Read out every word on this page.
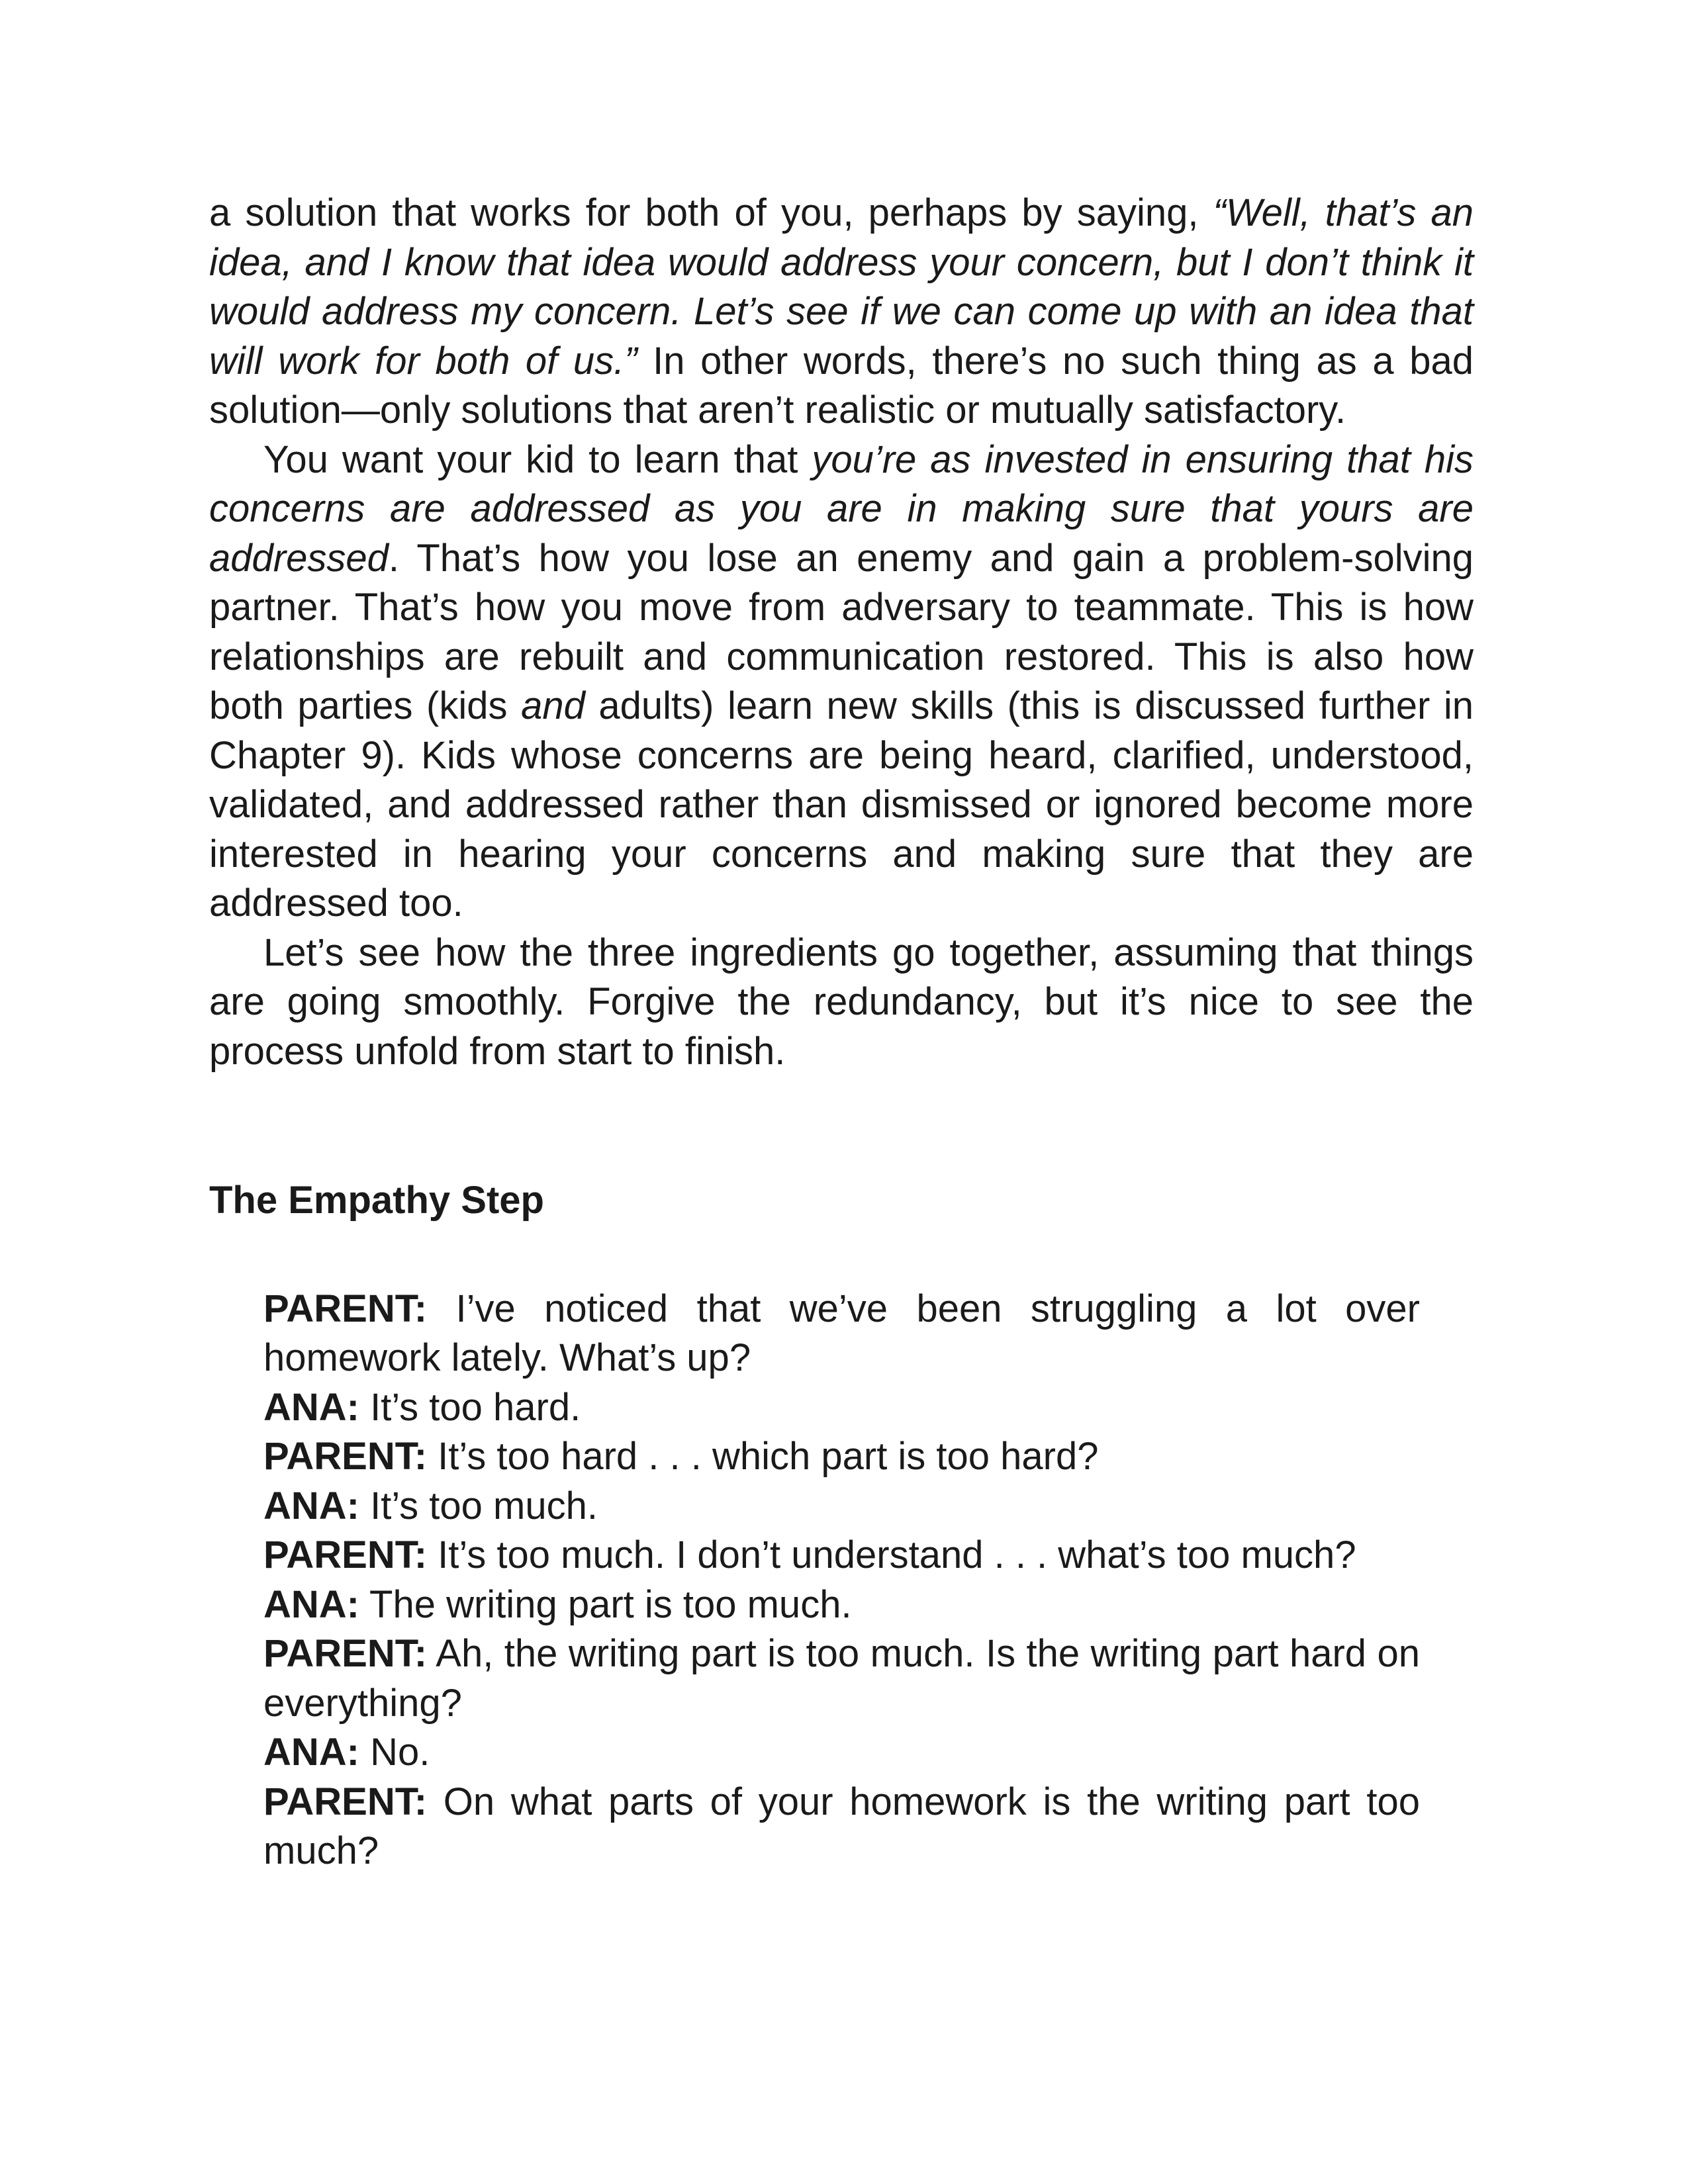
a solution that works for both of you, perhaps by saying, “Well, that’s an idea, and I know that idea would address your concern, but I don’t think it would address my concern. Let’s see if we can come up with an idea that will work for both of us.” In other words, there’s no such thing as a bad solution—only solutions that aren’t realistic or mutually satisfactory.

You want your kid to learn that you’re as invested in ensuring that his concerns are addressed as you are in making sure that yours are addressed. That’s how you lose an enemy and gain a problem-solving partner. That’s how you move from adversary to teammate. This is how relationships are rebuilt and communication restored. This is also how both parties (kids and adults) learn new skills (this is discussed further in Chapter 9). Kids whose concerns are being heard, clarified, understood, validated, and addressed rather than dismissed or ignored become more interested in hearing your concerns and making sure that they are addressed too.

Let’s see how the three ingredients go together, assuming that things are going smoothly. Forgive the redundancy, but it’s nice to see the process unfold from start to finish.

The Empathy Step

PARENT: I’ve noticed that we’ve been struggling a lot over homework lately. What’s up?

ANA: It’s too hard.

PARENT: It’s too hard . . . which part is too hard?

ANA: It’s too much.

PARENT: It’s too much. I don’t understand . . . what’s too much?

ANA: The writing part is too much.

PARENT: Ah, the writing part is too much. Is the writing part hard on everything?

ANA: No.

PARENT: On what parts of your homework is the writing part too much?
